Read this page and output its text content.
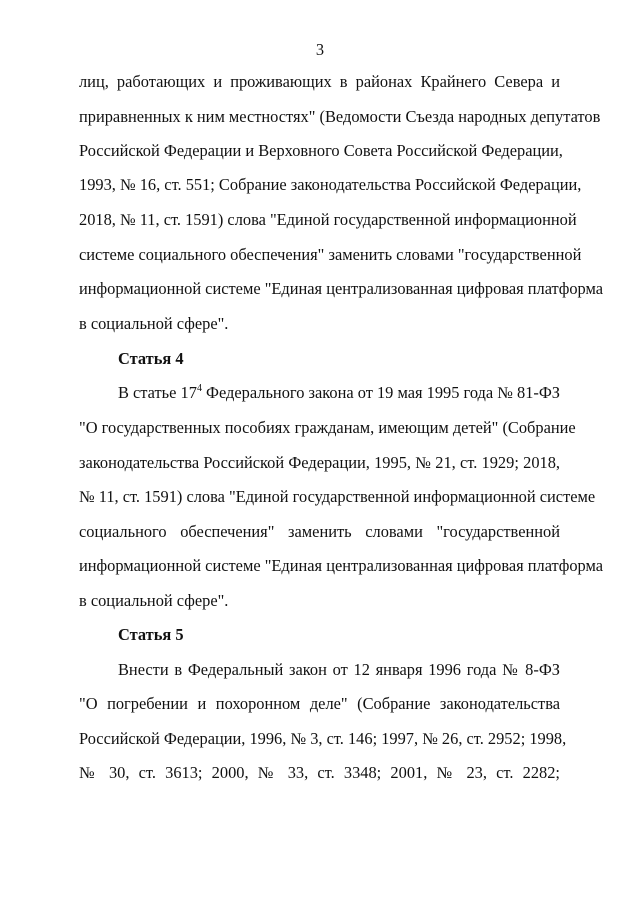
3
лиц, работающих и проживающих в районах Крайнего Севера и
приравненных к ним местностях" (Ведомости Съезда народных депутатов
Российской Федерации и Верховного Совета Российской Федерации,
1993, № 16, ст. 551; Собрание законодательства Российской Федерации,
2018, № 11, ст. 1591) слова "Единой государственной информационной
системе социального обеспечения" заменить словами "государственной
информационной системе "Единая централизованная цифровая платформа
в социальной сфере".
Статья 4
В статье $17^4$ Федерального закона от 19 мая 1995 года № 81-ФЗ
"О государственных пособиях гражданам, имеющим детей" (Собрание
законодательства Российской Федерации, 1995, № 21, ст. 1929; 2018,
№ 11, ст. 1591) слова "Единой государственной информационной системе
социального обеспечения" заменить словами "государственной
информационной системе "Единая централизованная цифровая платформа
в социальной сфере".
Статья 5
Внести в Федеральный закон от 12 января 1996 года № 8-ФЗ
"О погребении и похоронном деле" (Собрание законодательства
Российской Федерации, 1996, № 3, ст. 146; 1997, № 26, ст. 2952; 1998,
№ 30, ст. 3613; 2000, № 33, ст. 3348; 2001, № 23, ст. 2282;
